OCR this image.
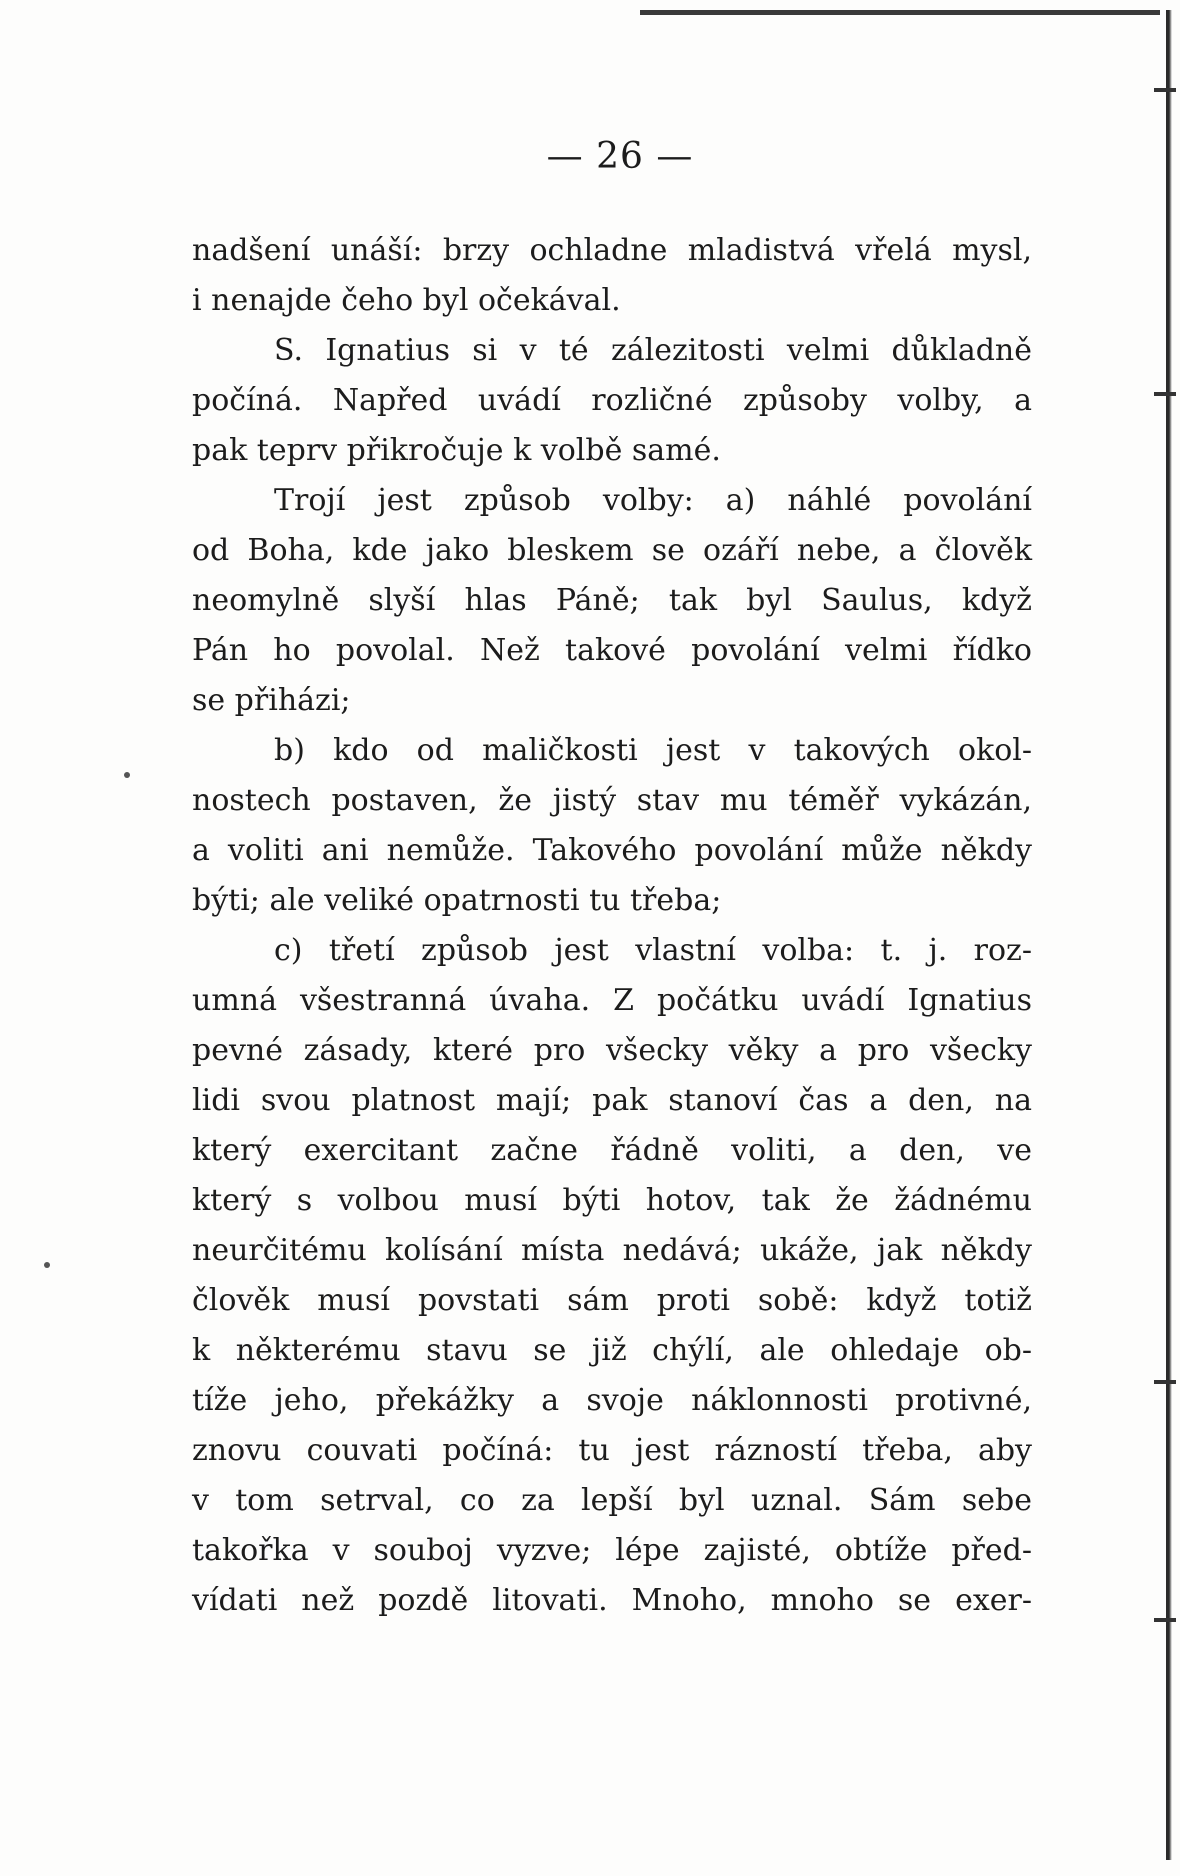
— 26 —
nadšení unáší: brzy ochladne mladistvá vřelá mysl,
i nenajde čeho byl očekával.
S. Ignatius si v té zálezitosti velmi důkladně
počíná. Napřed uvádí rozličné způsoby volby, a
pak teprv přikročuje k volbě samé.
Trojí jest způsob volby: a) náhlé povolání
od Boha, kde jako bleskem se ozáří nebe, a člověk
neomylně slyší hlas Páně; tak byl Saulus, když
Pán ho povolal. Než takové povolání velmi řídko
se přiházi;
b) kdo od maličkosti jest v takových okol-
nostech postaven, že jistý stav mu téměř vykázán,
a voliti ani nemůže. Takového povolání může někdy
býti; ale veliké opatrnosti tu třeba;
c) třetí způsob jest vlastní volba: t. j. roz-
umná všestranná úvaha. Z počátku uvádí Ignatius
pevné zásady, které pro všecky věky a pro všecky
lidi svou platnost mají; pak stanoví čas a den, na
který exercitant začne řádně voliti, a den, ve
který s volbou musí býti hotov, tak že žádnému
neurčitému kolísání místa nedává; ukáže, jak někdy
člověk musí povstati sám proti sobě: když totiž
k některému stavu se již chýlí, ale ohledaje ob-
tíže jeho, překážky a svoje náklonnosti protivné,
znovu couvati počíná: tu jest rázností třeba, aby
v tom setrval, co za lepší byl uznal. Sám sebe
takořka v souboj vyzve; lépe zajisté, obtíže před-
vídati než pozdě litovati. Mnoho, mnoho se exer-
